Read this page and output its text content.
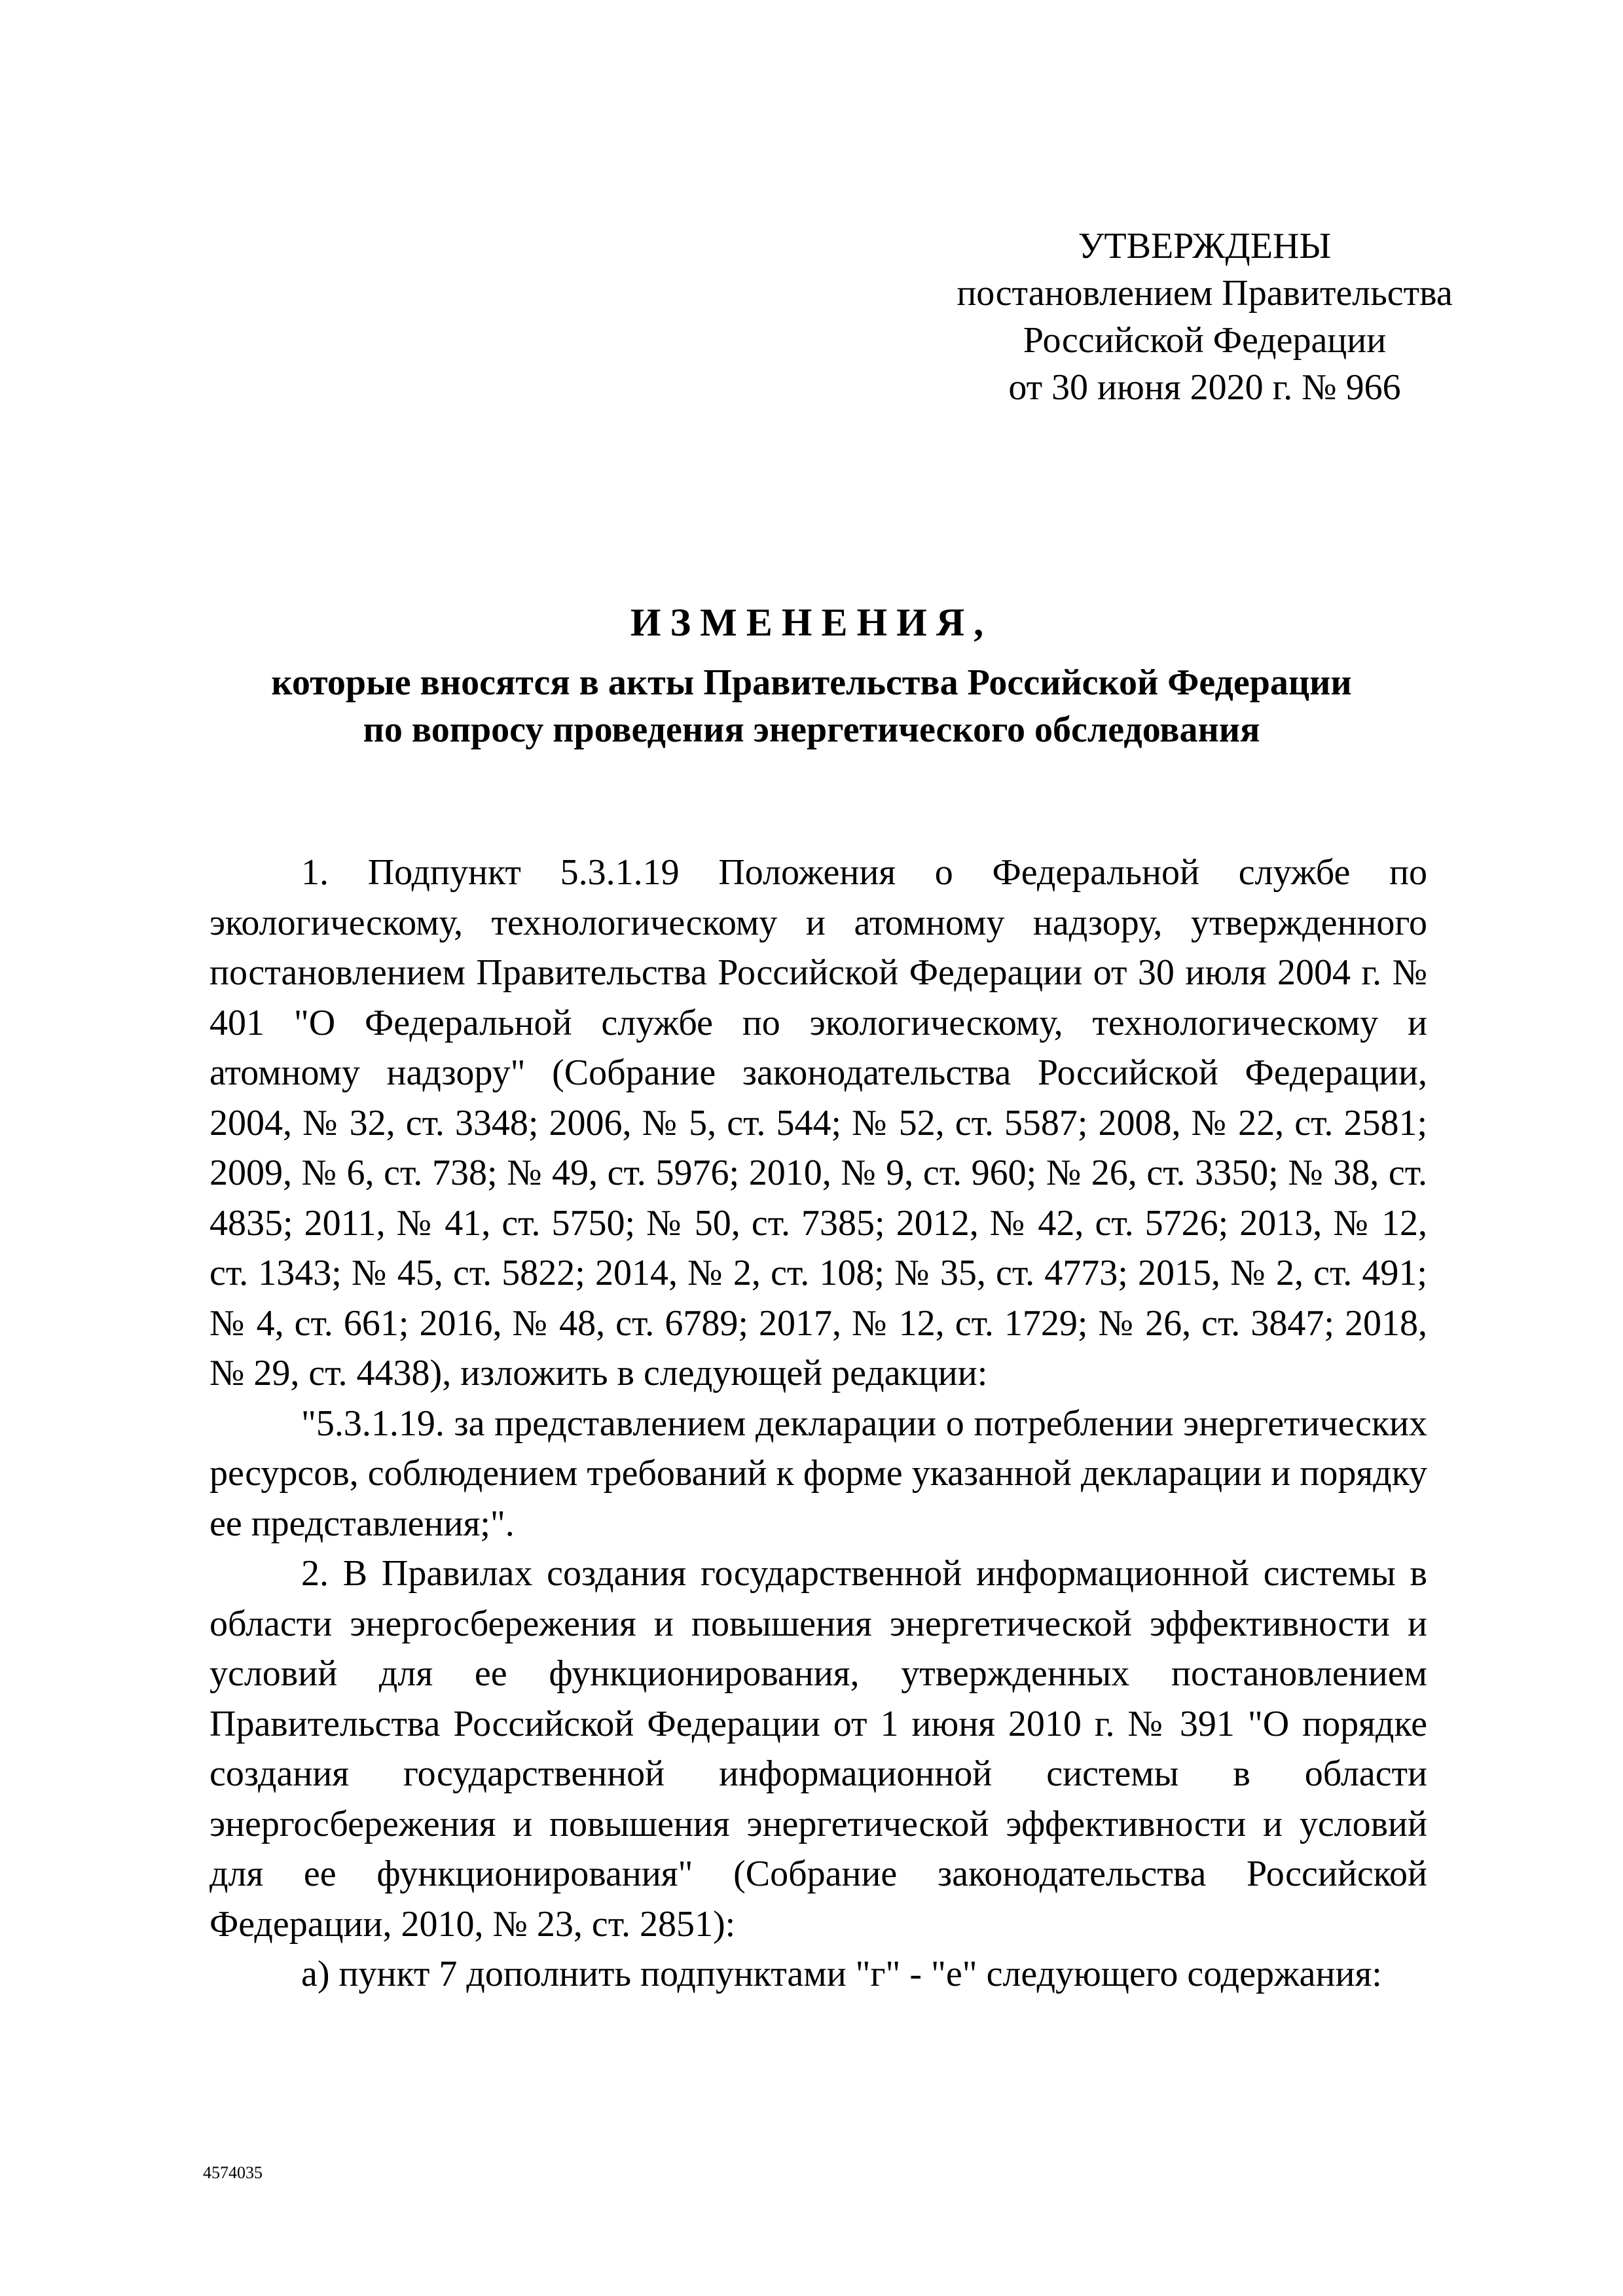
УТВЕРЖДЕНЫ
постановлением Правительства
Российской Федерации
от 30 июня 2020 г. № 966
ИЗМЕНЕНИЯ,
которые вносятся в акты Правительства Российской Федерации
по вопросу проведения энергетического обследования

1. Подпункт 5.3.1.19 Положения о Федеральной службе по экологическому, технологическому и атомному надзору, утвержденного постановлением Правительства Российской Федерации от 30 июля 2004 г. № 401 "О Федеральной службе по экологическому, технологическому и атомному надзору" (Собрание законодательства Российской Федерации, 2004, № 32, ст. 3348; 2006, № 5, ст. 544; № 52, ст. 5587; 2008, № 22, ст. 2581; 2009, № 6, ст. 738; № 49, ст. 5976; 2010, № 9, ст. 960; № 26, ст. 3350; № 38, ст. 4835; 2011, № 41, ст. 5750; № 50, ст. 7385; 2012, № 42, ст. 5726; 2013, № 12, ст. 1343; № 45, ст. 5822; 2014, № 2, ст. 108; № 35, ст. 4773; 2015, № 2, ст. 491; № 4, ст. 661; 2016, № 48, ст. 6789; 2017, № 12, ст. 1729; № 26, ст. 3847; 2018, № 29, ст. 4438), изложить в следующей редакции:

"5.3.1.19. за представлением декларации о потреблении энергетических ресурсов, соблюдением требований к форме указанной декларации и порядку ее представления;".

2. В Правилах создания государственной информационной системы в области энергосбережения и повышения энергетической эффективности и условий для ее функционирования, утвержденных постановлением Правительства Российской Федерации от 1 июня 2010 г. № 391 "О порядке создания государственной информационной системы в области энергосбережения и повышения энергетической эффективности и условий для ее функционирования" (Собрание законодательства Российской Федерации, 2010, № 23, ст. 2851):

а) пункт 7 дополнить подпунктами "г" - "е" следующего содержания:

4574035
